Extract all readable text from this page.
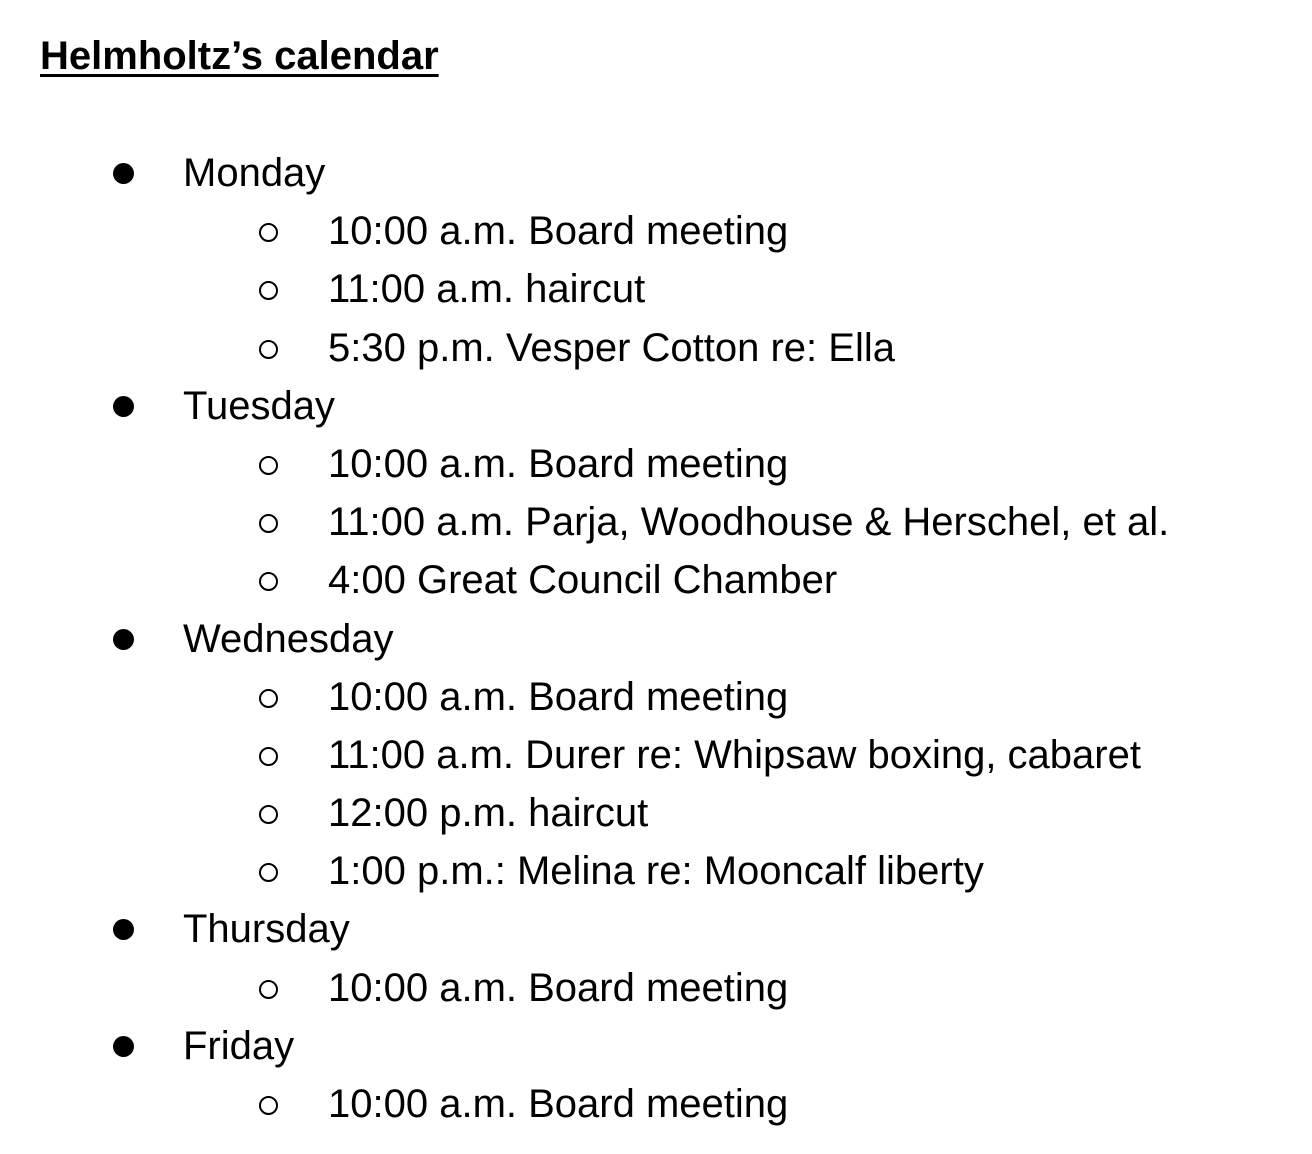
Helmholtz’s calendar
Monday
10:00 a.m. Board meeting
11:00 a.m. haircut
5:30 p.m. Vesper Cotton re: Ella
Tuesday
10:00 a.m. Board meeting
11:00 a.m. Parja, Woodhouse & Herschel, et al.
4:00 Great Council Chamber
Wednesday
10:00 a.m. Board meeting
11:00 a.m. Durer re: Whipsaw boxing, cabaret
12:00 p.m. haircut
1:00 p.m.: Melina re: Mooncalf liberty
Thursday
10:00 a.m. Board meeting
Friday
10:00 a.m. Board meeting
